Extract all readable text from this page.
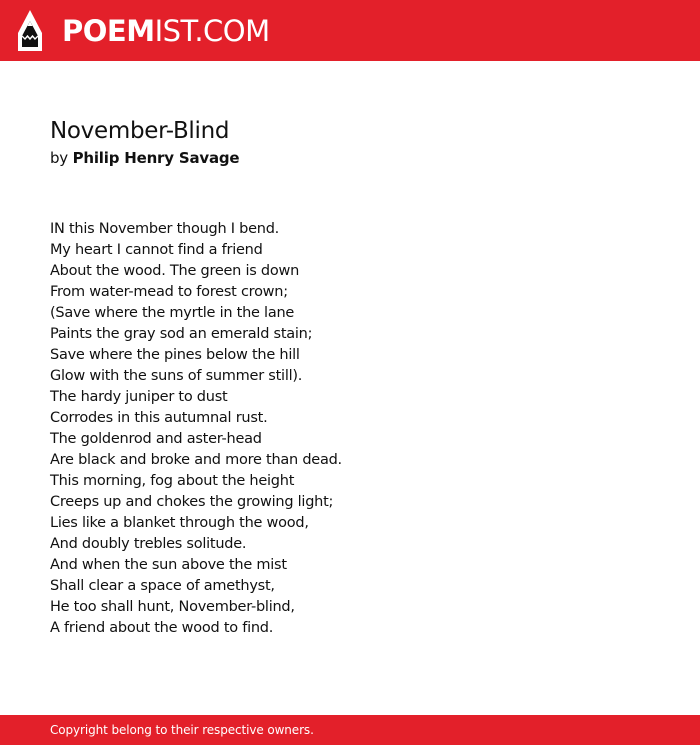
POEM IST.COM
November-Blind
by Philip Henry Savage
IN this November though I bend.
My heart I cannot find a friend
About the wood. The green is down
From water-mead to forest crown;
(Save where the myrtle in the lane
Paints the gray sod an emerald stain;
Save where the pines below the hill
Glow with the suns of summer still).
The hardy juniper to dust
Corrodes in this autumnal rust.
The goldenrod and aster-head
Are black and broke and more than dead.
This morning, fog about the height
Creeps up and chokes the growing light;
Lies like a blanket through the wood,
And doubly trebles solitude.
And when the sun above the mist
Shall clear a space of amethyst,
He too shall hunt, November-blind,
A friend about the wood to find.
Copyright belong to their respective owners.
